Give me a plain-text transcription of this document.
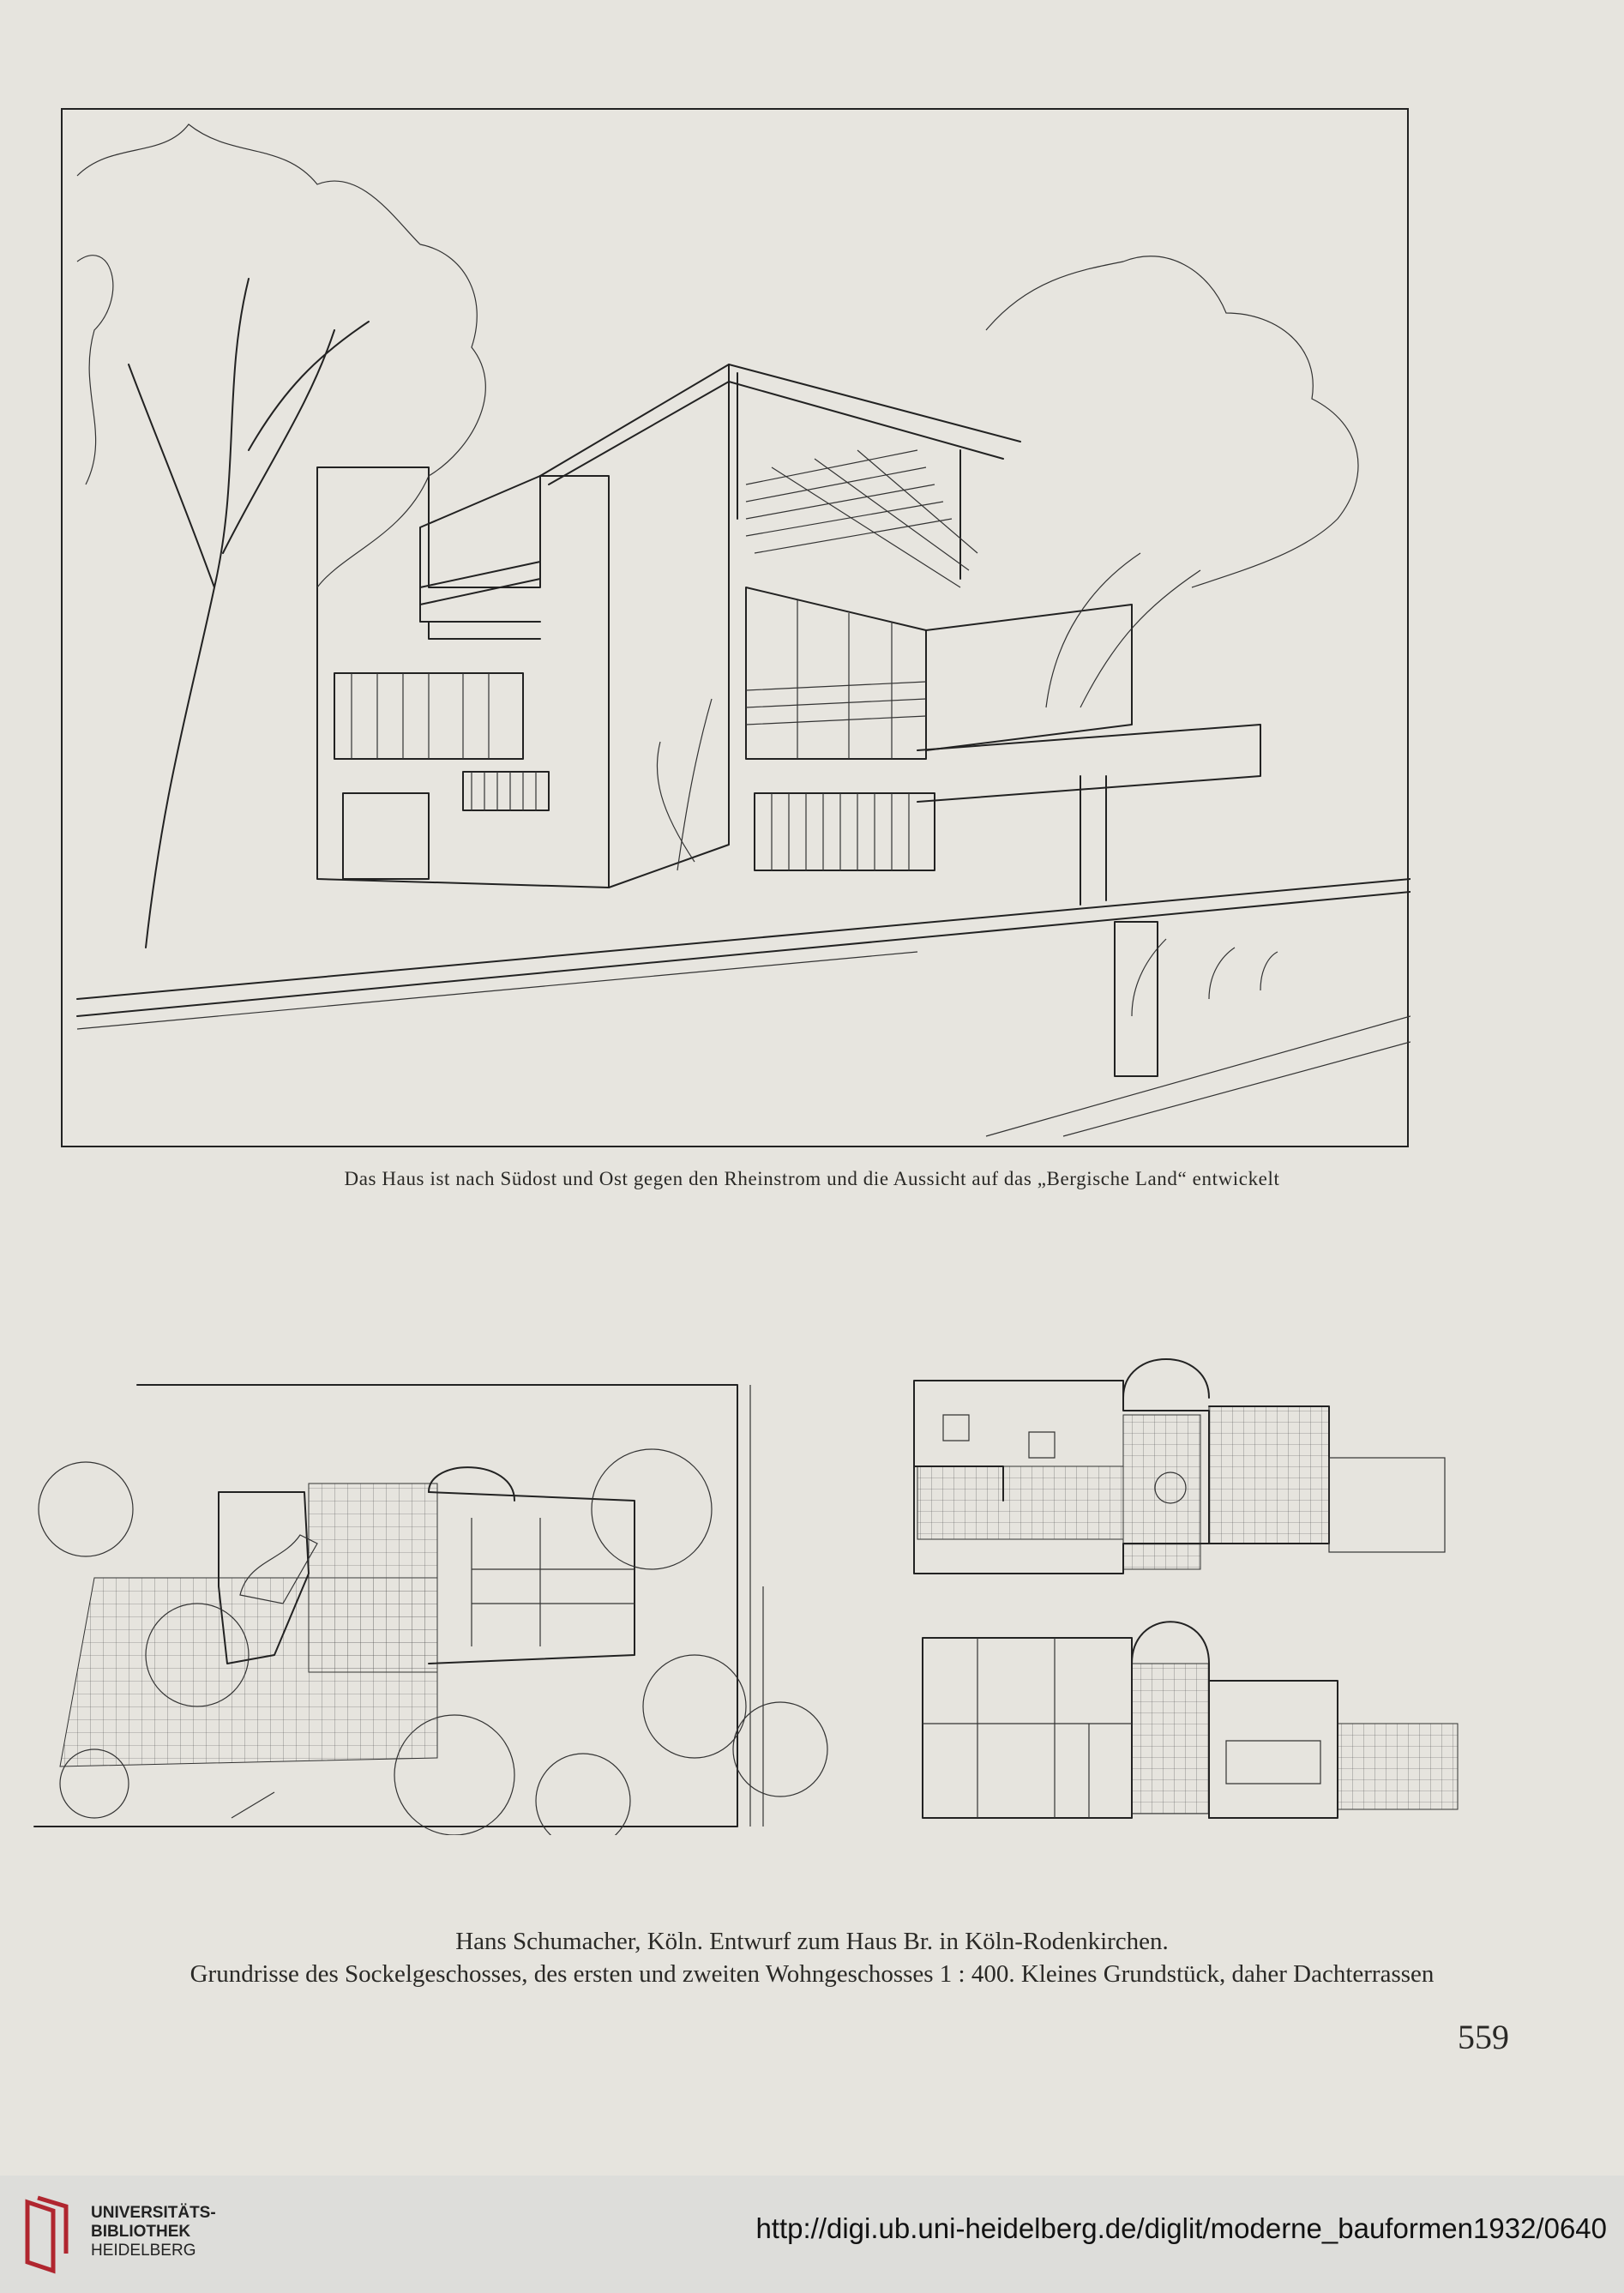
Das Haus ist nach Südost und Ost gegen den Rheinstrom und die Aussicht auf das „Bergische Land“ entwickelt
Hans Schumacher, Köln. Entwurf zum Haus Br. in Köln-Rodenkirchen.
Grundrisse des Sockelgeschosses, des ersten und zweiten Wohngeschosses 1 : 400. Kleines Grundstück, daher Dachterrassen
559
UNIVERSITÄTS-
BIBLIOTHEK
HEIDELBERG
http://digi.ub.uni-heidelberg.de/diglit/moderne_bauformen1932/0640
